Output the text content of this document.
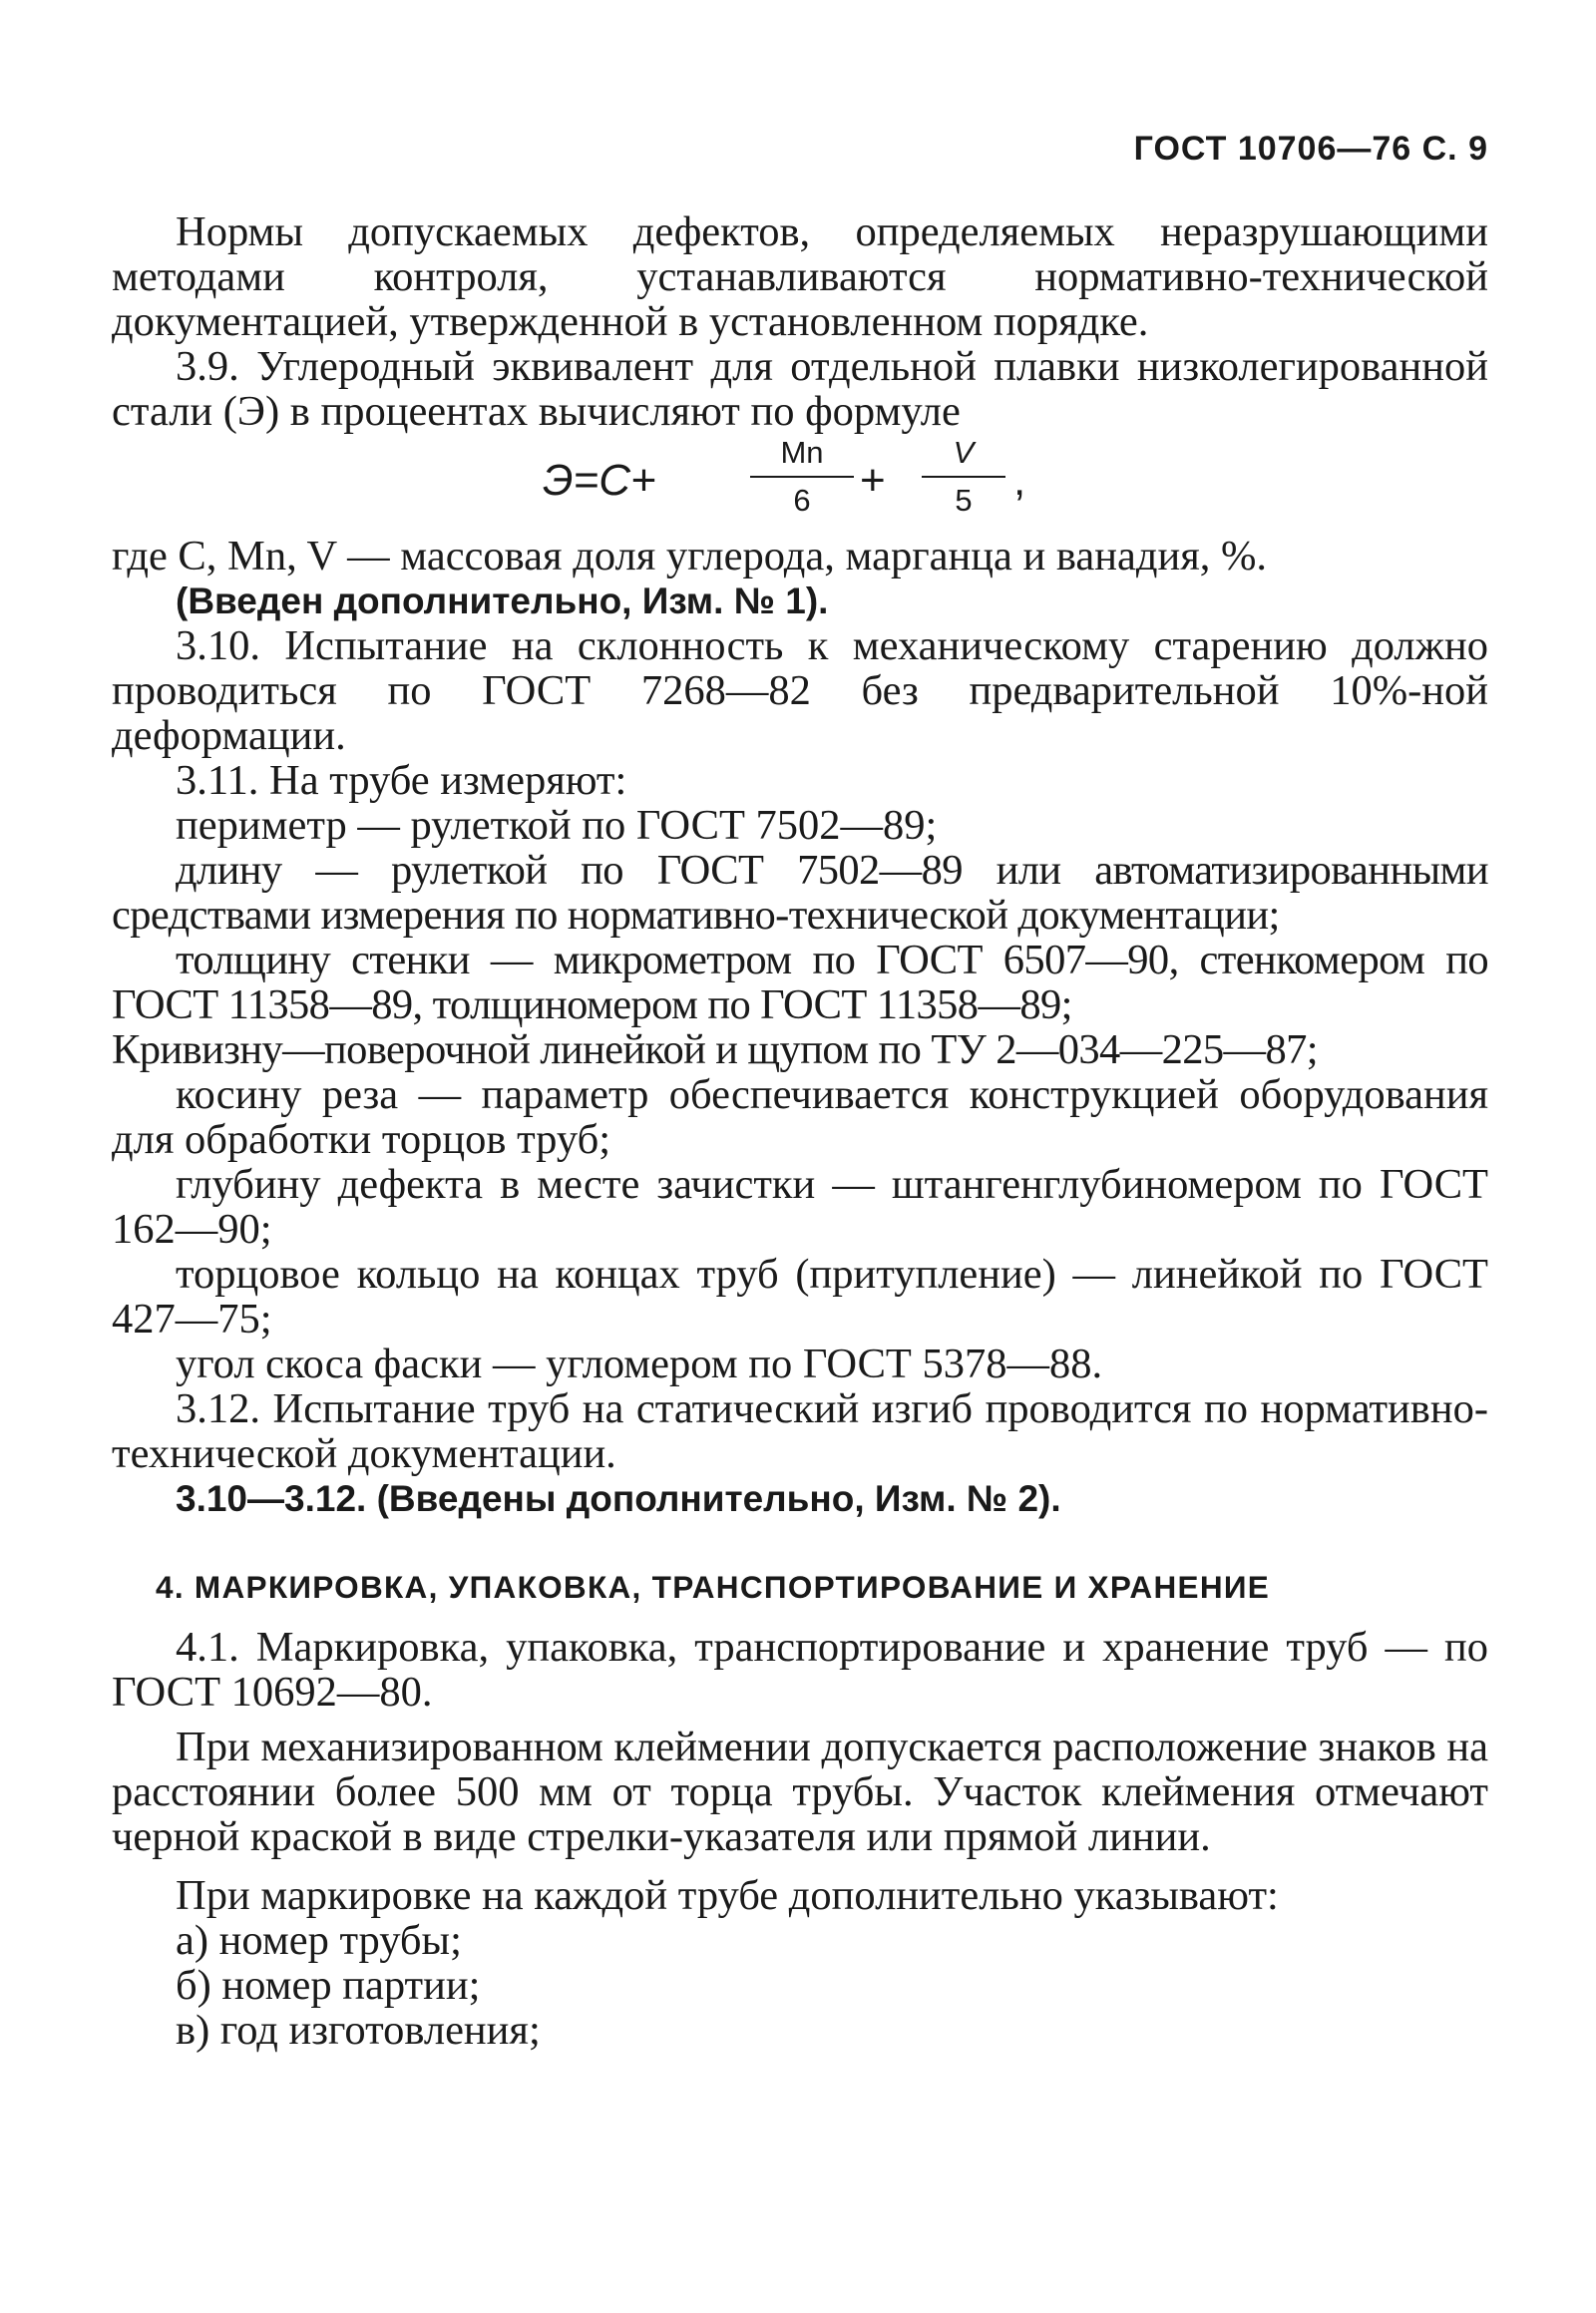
ГОСТ 10706—76 С. 9

Нормы допускаемых дефектов, определяемых неразрушающими методами контроля, устанавливаются нормативно-технической документацией, утвержденной в установленном порядке.

3.9. Углеродный эквивалент для отдельной плавки низколегированной стали (Э) в процеентах вычисляют по формуле

Э=С+	$\frac{Mn}{6} + \frac{V}{5}$ ,

где C, Mn, V — массовая доля углерода, марганца и ванадия, %.

(Введен дополнительно, Изм. № 1).

3.10. Испытание на склонность к механическому старению должно проводиться по ГОСТ 7268—82 без предварительной 10%-ной деформации.

3.11. На трубе измеряют:

периметр — рулеткой по ГОСТ 7502—89;

длину — рулеткой по ГОСТ 7502—89 или автоматизированными средствами измерения по нормативно-технической документации;

толщину стенки — микрометром по ГОСТ 6507—90, стенкомером по ГОСТ 11358—89, толщиномером по ГОСТ 11358—89;

Кривизну—поверочной линейкой и щупом по ТУ 2—034—225—87;

косину реза — параметр обеспечивается конструкцией оборудования для обработки торцов труб;

глубину дефекта в месте зачистки — штангенглубиномером по ГОСТ 162—90;

торцовое кольцо на концах труб (притупление) — линейкой по ГОСТ 427—75;

угол скоса фаски — угломером по ГОСТ 5378—88.

3.12. Испытание труб на статический изгиб проводится по нормативно-технической документации.

3.10—3.12. (Введены дополнительно, Изм. № 2).

4. МАРКИРОВКА, УПАКОВКА, ТРАНСПОРТИРОВАНИЕ И ХРАНЕНИЕ

4.1. Маркировка, упаковка, транспортирование и хранение труб — по ГОСТ 10692—80.

При механизированном клеймении допускается расположение знаков на расстоянии более 500 мм от торца трубы. Участок клеймения отмечают черной краской в виде стрелки-указателя или прямой линии.

При маркировке на каждой трубе дополнительно указывают:

а) номер трубы;

б) номер партии;

в) год изготовления;
